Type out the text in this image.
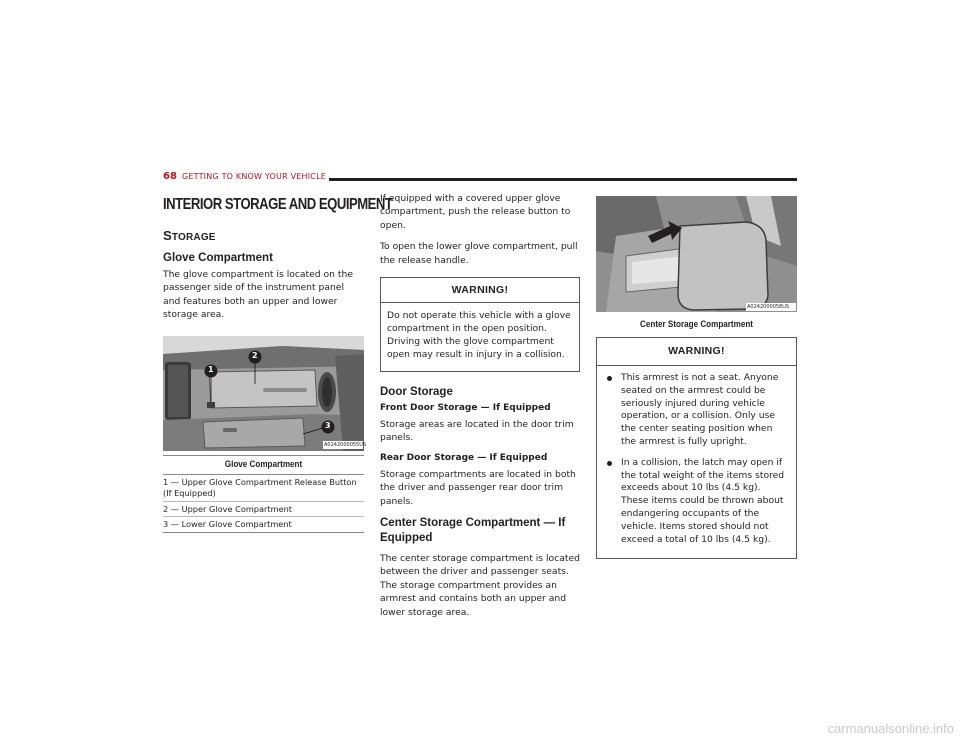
68 GETTING TO KNOW YOUR VEHICLE
INTERIOR STORAGE AND EQUIPMENT
STORAGE
Glove Compartment

The glove compartment is located on the passenger side of the instrument panel and features both an upper and lower storage area.

1
2
3
A0242000055US
Glove Compartment
1 — Upper Glove Compartment Release Button (If Equipped)
2 — Upper Glove Compartment
3 — Lower Glove Compartment

If equipped with a covered upper glove compartment, push the release button to open.

To open the lower glove compartment, pull the release handle.

WARNING!

Do not operate this vehicle with a glove compartment in the open position. Driving with the glove compartment open may result in injury in a collision.

Door Storage
Front Door Storage — If Equipped

Storage areas are located in the door trim panels.

Rear Door Storage — If Equipped

Storage compartments are located in both the driver and passenger rear door trim panels.

Center Storage Compartment — If Equipped

The center storage compartment is located between the driver and passenger seats. The storage compartment provides an armrest and contains both an upper and lower storage area.

A0242000058US
Center Storage Compartment
WARNING!
This armrest is not a seat. Anyone seated on the armrest could be seriously injured during vehicle operation, or a collision. Only use the center seating position when the armrest is fully upright.
In a collision, the latch may open if the total weight of the items stored exceeds about 10 lbs (4.5 kg). These items could be thrown about endangering occupants of the vehicle. Items stored should not exceed a total of 10 lbs (4.5 kg).
carmanualsonline.info
